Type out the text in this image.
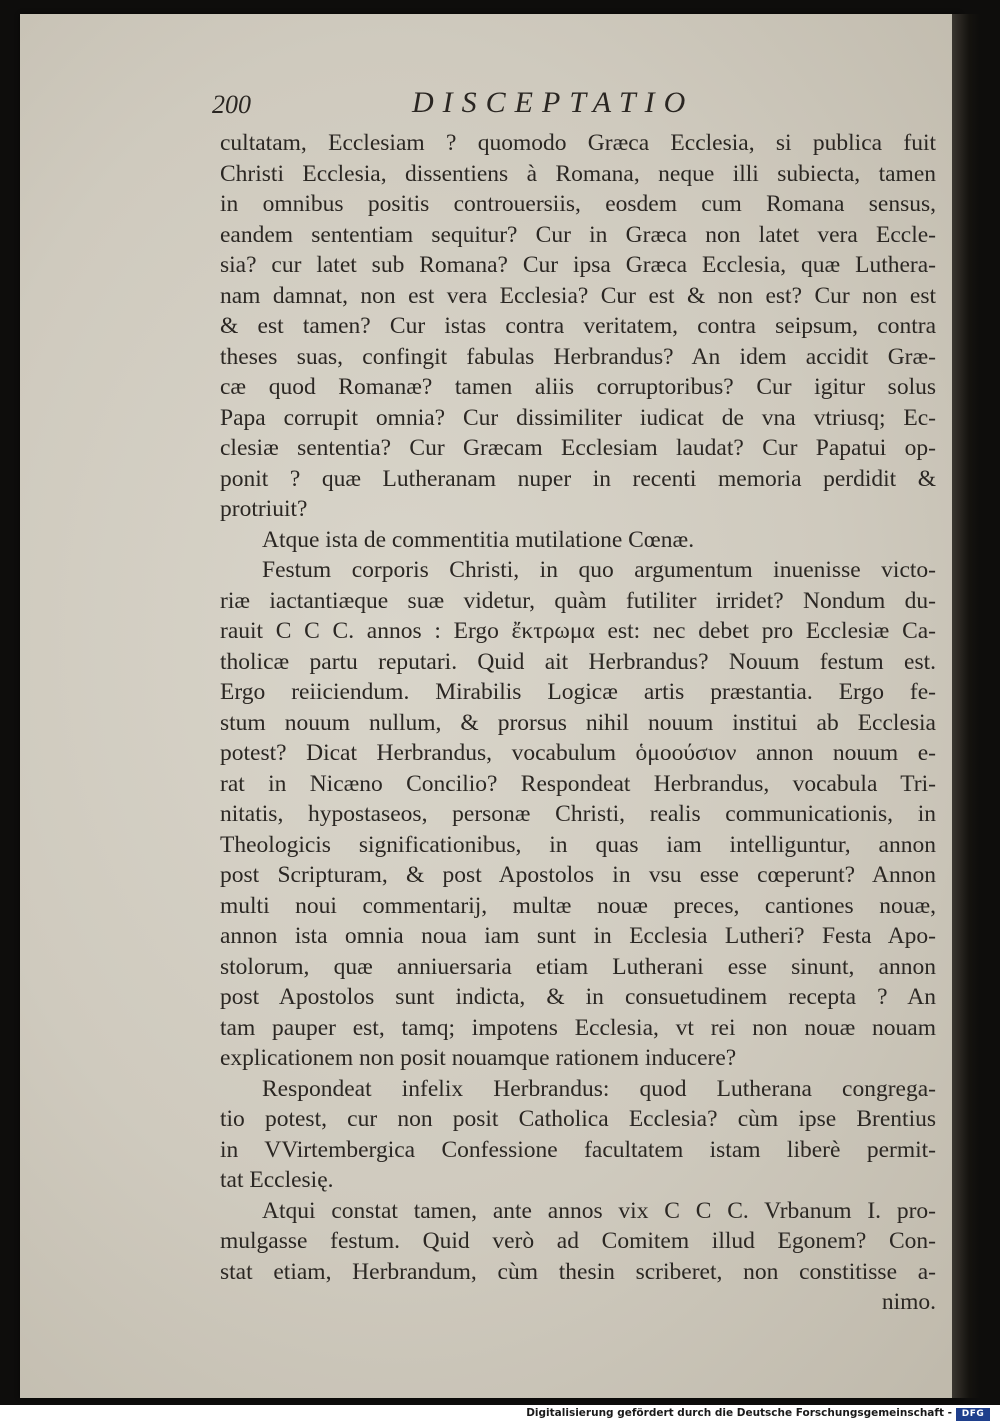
200	DISCEPTATIO
cultatam, Ecclesiam ? quomodo Græca Ecclesia, si publica fuit
Christi Ecclesia, dissentiens à Romana, neque illi subiecta, tamen
in omnibus positis controuersiis, eosdem cum Romana sensus,
eandem sententiam sequitur? Cur in Græca non latet vera Eccle-
sia? cur latet sub Romana? Cur ipsa Græca Ecclesia, quæ Luthera-
nam damnat, non est vera Ecclesia? Cur est & non est? Cur non est
& est tamen? Cur istas contra veritatem, contra seipsum, contra
theses suas, confingit fabulas Herbrandus? An idem accidit Græ-
cæ quod Romanæ? tamen aliis corruptoribus? Cur igitur solus
Papa corrupit omnia? Cur dissimiliter iudicat de vna vtriusq; Ec-
clesiæ sententia? Cur Græcam Ecclesiam laudat? Cur Papatui op-
ponit ? quæ Lutheranam nuper in recenti memoria perdidit &
protriuit?
Atque ista de commentitia mutilatione Cœnæ.
Festum corporis Christi, in quo argumentum inuenisse victo-
riæ iactantiæque suæ videtur, quàm futiliter irridet? Nondum du-
rauit C C C. annos : Ergo ἔκτρωμα est: nec debet pro Ecclesiæ Ca-
tholicæ partu reputari. Quid ait Herbrandus? Nouum festum est.
Ergo reiiciendum. Mirabilis Logicæ artis præstantia. Ergo fe-
stum nouum nullum, & prorsus nihil nouum institui ab Ecclesia
potest? Dicat Herbrandus, vocabulum ὁμοούσιον annon nouum e-
rat in Nicæno Concilio? Respondeat Herbrandus, vocabula Tri-
nitatis, hypostaseos, personæ Christi, realis communicationis, in
Theologicis significationibus, in quas iam intelliguntur, annon
post Scripturam, & post Apostolos in vsu esse cœperunt? Annon
multi noui commentarij, multæ nouæ preces, cantiones nouæ,
annon ista omnia noua iam sunt in Ecclesia Lutheri? Festa Apo-
stolorum, quæ anniuersaria etiam Lutherani esse sinunt, annon
post Apostolos sunt indicta, & in consuetudinem recepta ? An
tam pauper est, tamq; impotens Ecclesia, vt rei non nouæ nouam
explicationem non posit nouamque rationem inducere?
Respondeat infelix Herbrandus: quod Lutherana congrega-
tio potest, cur non posit Catholica Ecclesia? cùm ipse Brentius
in VVirtembergica Confessione facultatem istam liberè permit-
tat Ecclesię.
Atqui constat tamen, ante annos vix C C C. Vrbanum I. pro-
mulgasse festum. Quid verò ad Comitem illud Egonem? Con-
stat etiam, Herbrandum, cùm thesin scriberet, non constitisse a-
nimo.
Digitalisierung gefördert durch die Deutsche Forschungsgemeinschaft -	DFG
